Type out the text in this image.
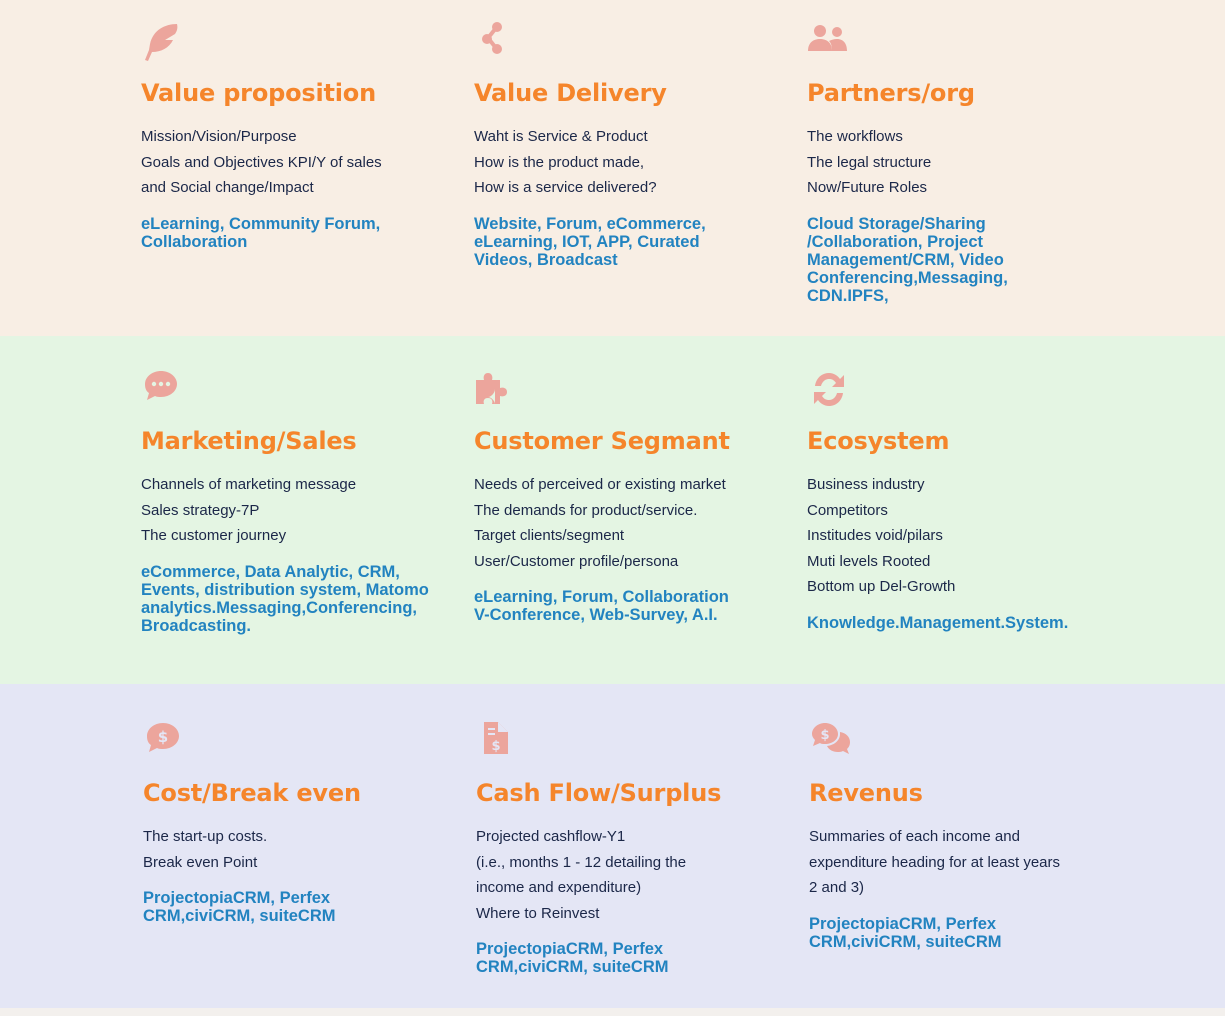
Value proposition
Mission/Vision/Purpose
Goals and Objectives KPI/Y of sales
and Social change/Impact
eLearning, Community Forum, Collaboration
Value Delivery
Waht is Service & Product
How is the product made,
How is a service delivered?
Website, Forum, eCommerce, eLearning, IOT, APP, Curated Videos, Broadcast
Partners/org
The workflows
The legal structure
Now/Future Roles
Cloud Storage/Sharing /Collaboration, Project Management/CRM, Video Conferencing,Messaging, CDN.IPFS,
Marketing/Sales
Channels of marketing message
Sales strategy-7P
The customer journey
eCommerce, Data Analytic, CRM, Events, distribution system, Matomo analytics.Messaging,Conferencing, Broadcasting.
Customer Segmant
Needs of perceived or existing market
The demands for product/service.
Target clients/segment
User/Customer profile/persona
eLearning, Forum, Collaboration V-Conference, Web-Survey, A.I.
Ecosystem
Business industry
Competitors
Institudes void/pilars
Muti levels Rooted
Bottom up Del-Growth
Knowledge.Management.System.
$
Cost/Break even
The start-up costs.
Break even Point
ProjectopiaCRM, Perfex CRM,civiCRM, suiteCRM
$
Cash Flow/Surplus
Projected cashflow-Y1
(i.e., months 1 - 12 detailing the
income and expenditure)
Where to Reinvest
ProjectopiaCRM, Perfex CRM,civiCRM, suiteCRM
$
Revenus
Summaries of each income and
expenditure heading for at least years
2 and 3)
ProjectopiaCRM, Perfex CRM,civiCRM, suiteCRM
